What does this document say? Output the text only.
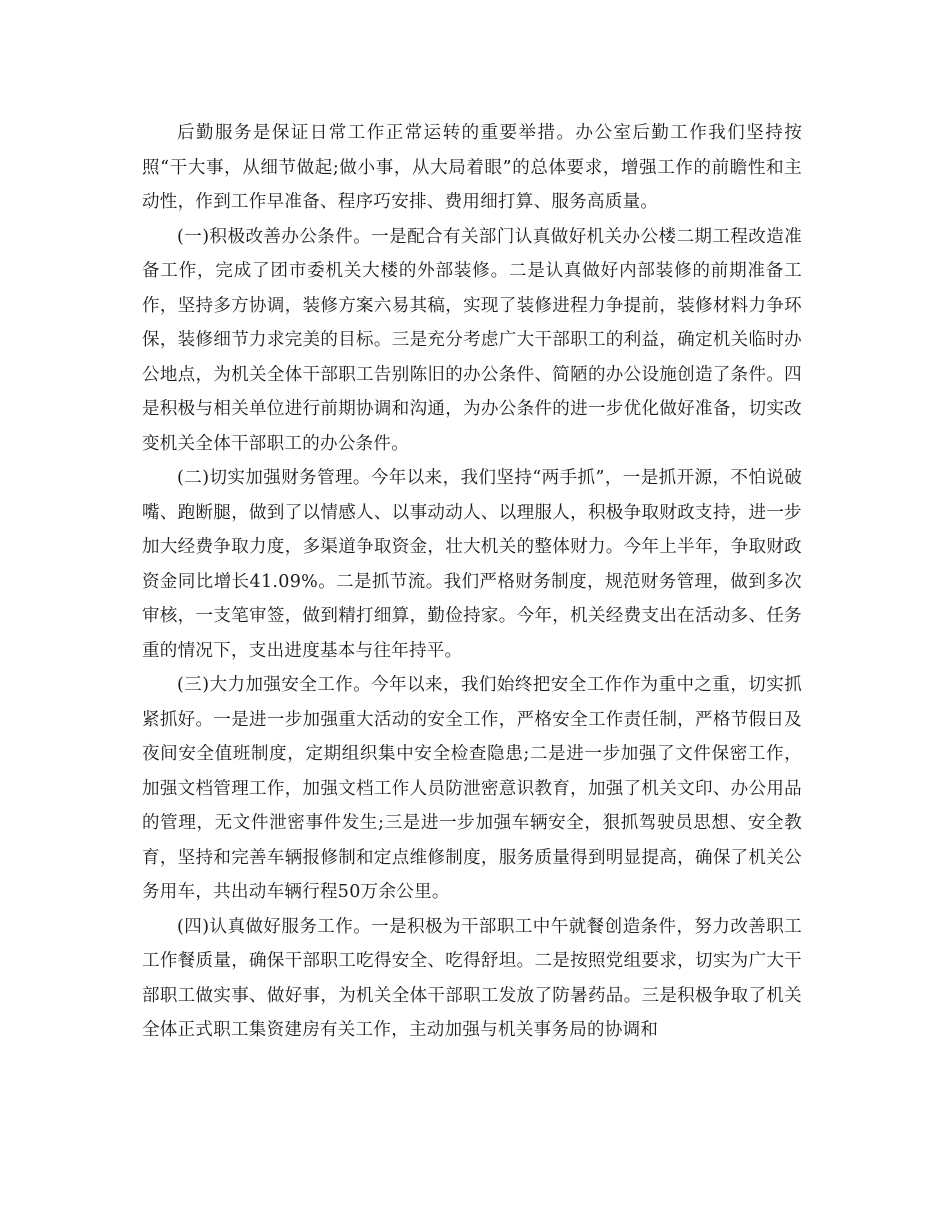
后勤服务是保证日常工作正常运转的重要举措。办公室后勤工作我们坚持按照“干大事，从细节做起;做小事，从大局着眼”的总体要求，增强工作的前瞻性和主动性，作到工作早准备、程序巧安排、费用细打算、服务高质量。

(一)积极改善办公条件。一是配合有关部门认真做好机关办公楼二期工程改造准备工作，完成了团市委机关大楼的外部装修。二是认真做好内部装修的前期准备工作，坚持多方协调，装修方案六易其稿，实现了装修进程力争提前，装修材料力争环保，装修细节力求完美的目标。三是充分考虑广大干部职工的利益，确定机关临时办公地点，为机关全体干部职工告别陈旧的办公条件、简陋的办公设施创造了条件。四是积极与相关单位进行前期协调和沟通，为办公条件的进一步优化做好准备，切实改变机关全体干部职工的办公条件。

(二)切实加强财务管理。今年以来，我们坚持“两手抓”，一是抓开源，不怕说破嘴、跑断腿，做到了以情感人、以事动动人、以理服人，积极争取财政支持，进一步加大经费争取力度，多渠道争取资金，壮大机关的整体财力。今年上半年，争取财政资金同比增长41.09%。二是抓节流。我们严格财务制度，规范财务管理，做到多次审核，一支笔审签，做到精打细算，勤俭持家。今年，机关经费支出在活动多、任务重的情况下，支出进度基本与往年持平。

(三)大力加强安全工作。今年以来，我们始终把安全工作作为重中之重，切实抓紧抓好。一是进一步加强重大活动的安全工作，严格安全工作责任制，严格节假日及夜间安全值班制度，定期组织集中安全检查隐患;二是进一步加强了文件保密工作，加强文档管理工作，加强文档工作人员防泄密意识教育，加强了机关文印、办公用品的管理，无文件泄密事件发生;三是进一步加强车辆安全，狠抓驾驶员思想、安全教育，坚持和完善车辆报修制和定点维修制度，服务质量得到明显提高，确保了机关公务用车，共出动车辆行程50万余公里。

(四)认真做好服务工作。一是积极为干部职工中午就餐创造条件，努力改善职工工作餐质量，确保干部职工吃得安全、吃得舒坦。二是按照党组要求，切实为广大干部职工做实事、做好事，为机关全体干部职工发放了防暑药品。三是积极争取了机关全体正式职工集资建房有关工作，主动加强与机关事务局的协调和
